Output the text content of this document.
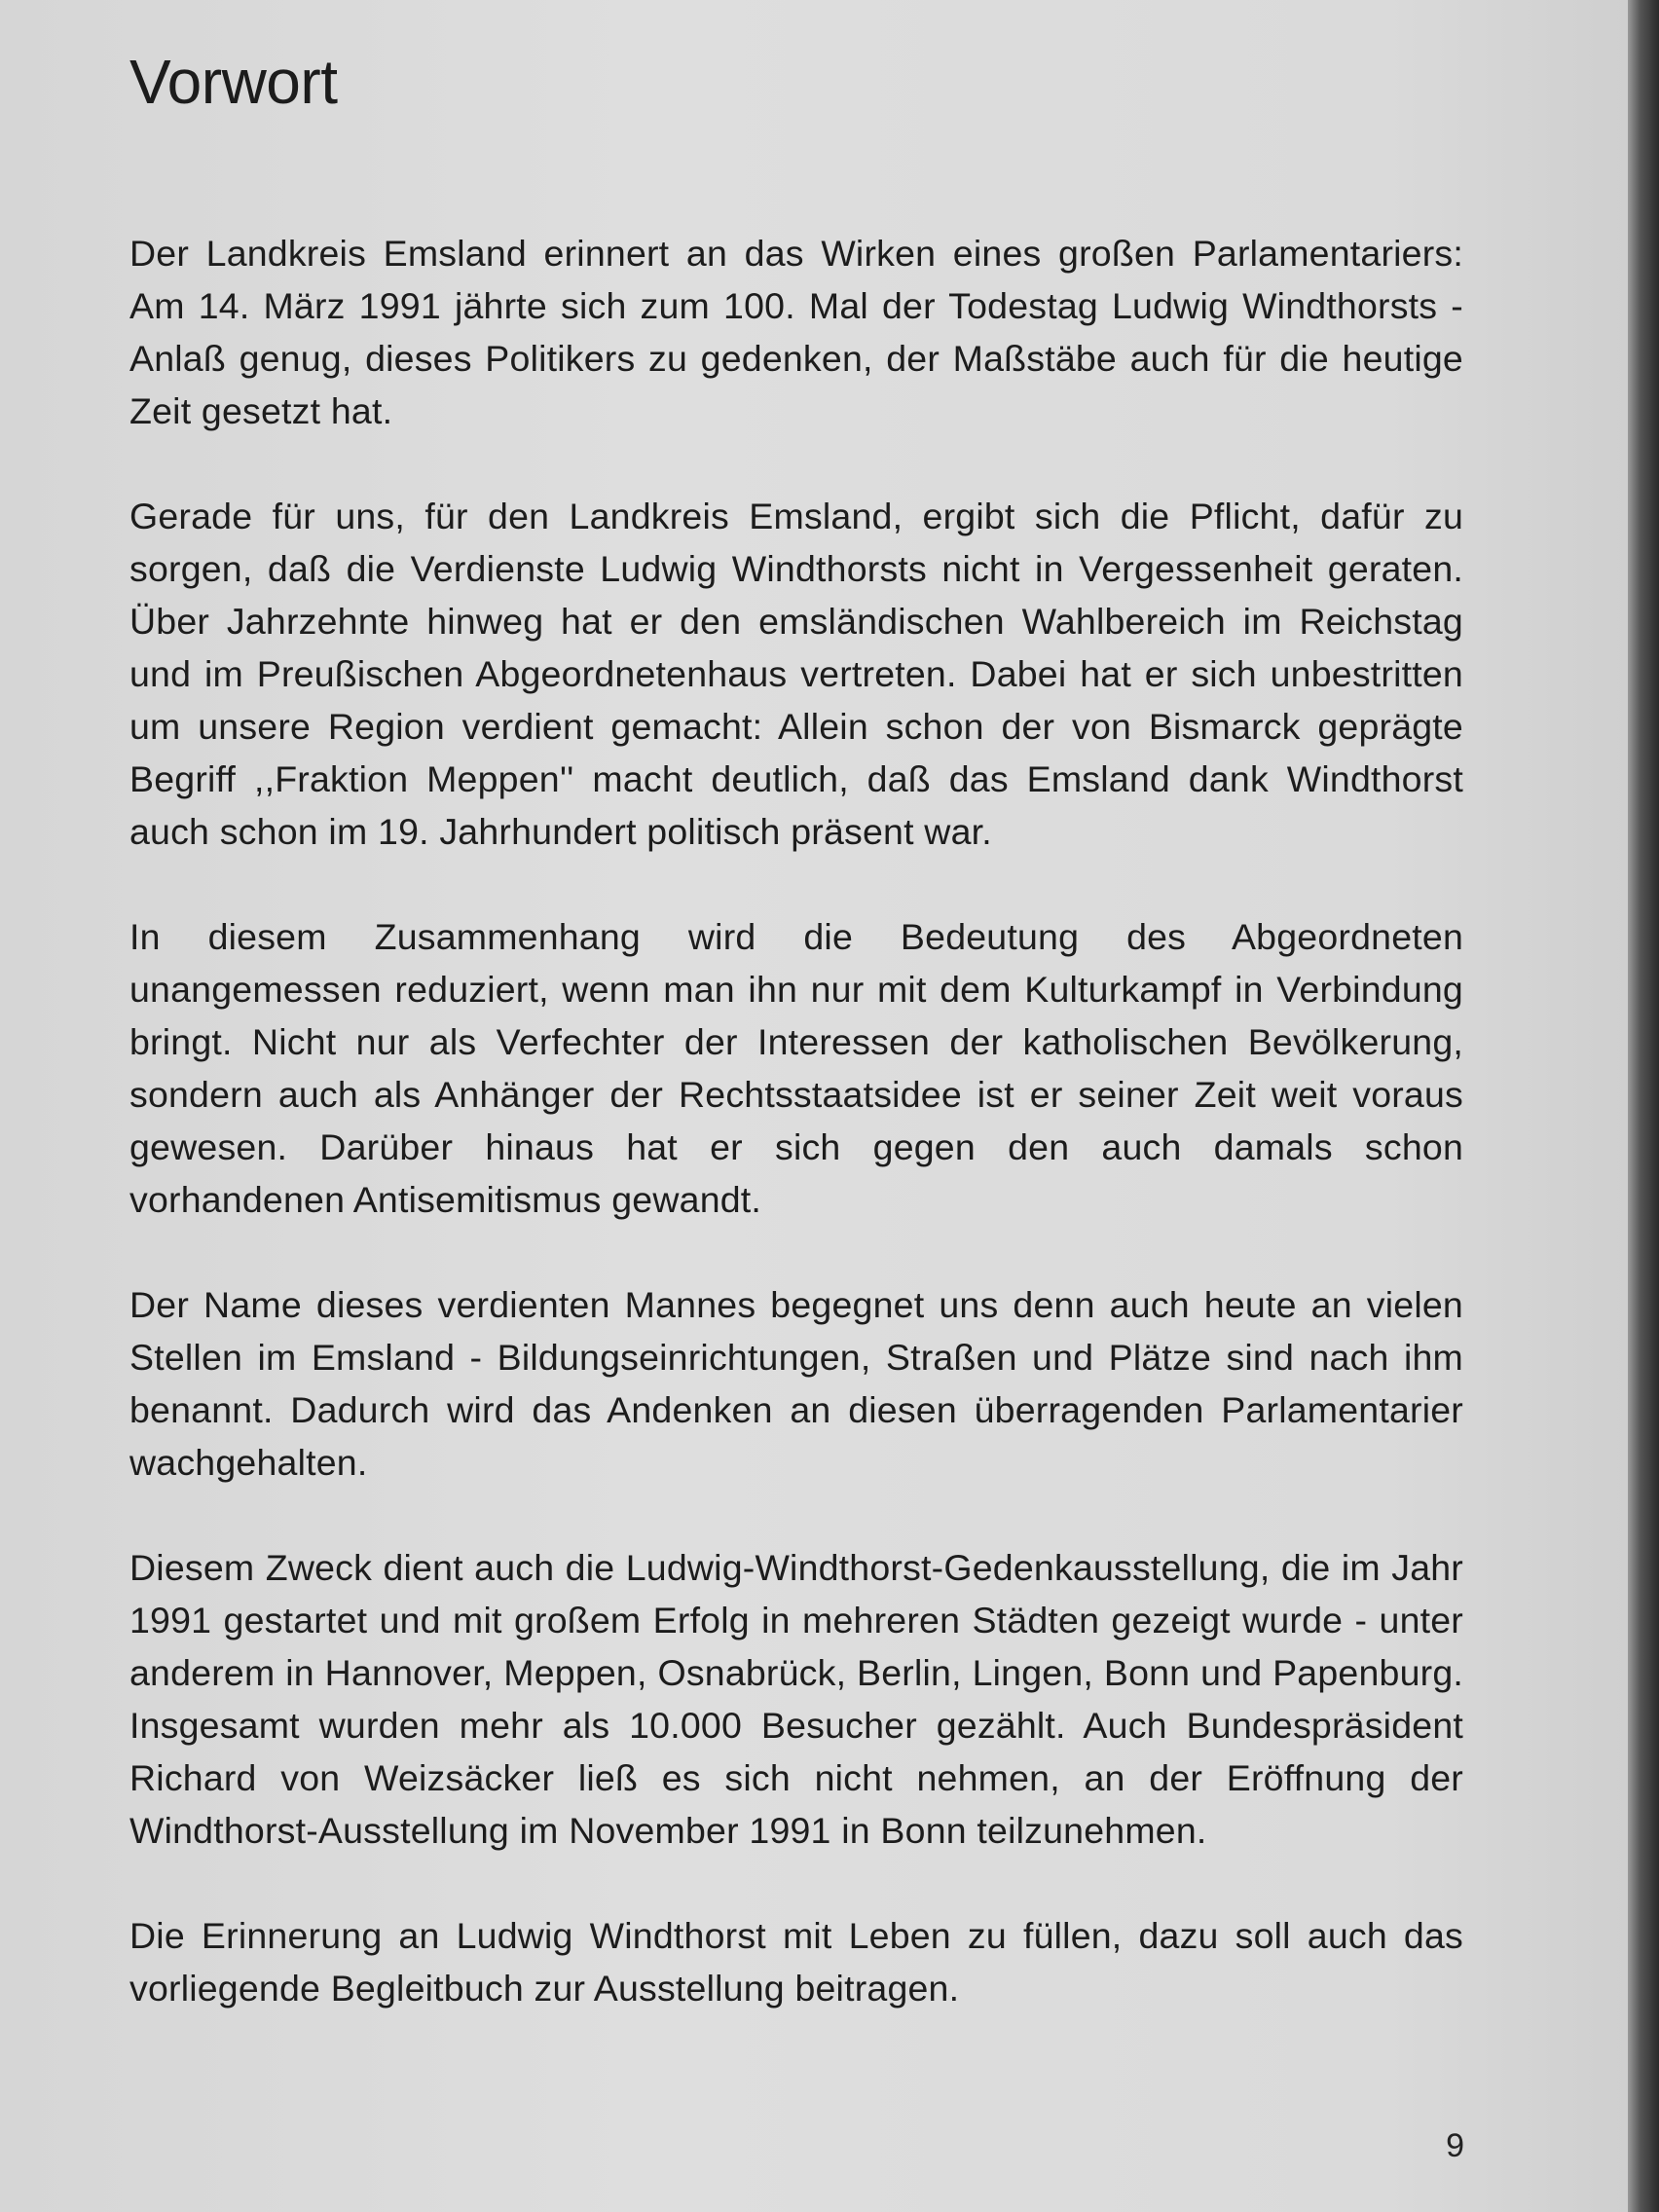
Vorwort

Der Landkreis Emsland erinnert an das Wirken eines großen Parlamentariers: Am 14. März 1991 jährte sich zum 100. Mal der Todestag Ludwig Windthorsts - Anlaß genug, dieses Politikers zu gedenken, der Maßstäbe auch für die heutige Zeit gesetzt hat.

Gerade für uns, für den Landkreis Emsland, ergibt sich die Pflicht, dafür zu sorgen, daß die Verdienste Ludwig Windthorsts nicht in Vergessenheit geraten. Über Jahrzehnte hinweg hat er den emsländischen Wahlbereich im Reichstag und im Preußischen Abgeordnetenhaus vertreten. Dabei hat er sich unbestritten um unsere Region verdient gemacht: Allein schon der von Bismarck geprägte Begriff ,,Fraktion Meppen'' macht deutlich, daß das Emsland dank Windthorst auch schon im 19. Jahrhundert politisch präsent war.

In diesem Zusammenhang wird die Bedeutung des Abgeordneten unangemessen reduziert, wenn man ihn nur mit dem Kulturkampf in Verbindung bringt. Nicht nur als Verfechter der Interessen der katholischen Bevölkerung, sondern auch als Anhänger der Rechtsstaatsidee ist er seiner Zeit weit voraus gewesen. Darüber hinaus hat er sich gegen den auch damals schon vorhandenen Antisemitismus gewandt.

Der Name dieses verdienten Mannes begegnet uns denn auch heute an vielen Stellen im Emsland - Bildungseinrichtungen, Straßen und Plätze sind nach ihm benannt. Dadurch wird das Andenken an diesen überragenden Parlamentarier wachgehalten.

Diesem Zweck dient auch die Ludwig-Windthorst-Gedenkausstellung, die im Jahr 1991 gestartet und mit großem Erfolg in mehreren Städten gezeigt wurde - unter anderem in Hannover, Meppen, Osnabrück, Berlin, Lingen, Bonn und Papenburg. Insgesamt wurden mehr als 10.000 Besucher gezählt. Auch Bundespräsident Richard von Weizsäcker ließ es sich nicht nehmen, an der Eröffnung der Windthorst-Ausstellung im November 1991 in Bonn teilzunehmen.

Die Erinnerung an Ludwig Windthorst mit Leben zu füllen, dazu soll auch das vorliegende Begleitbuch zur Ausstellung beitragen.

9
